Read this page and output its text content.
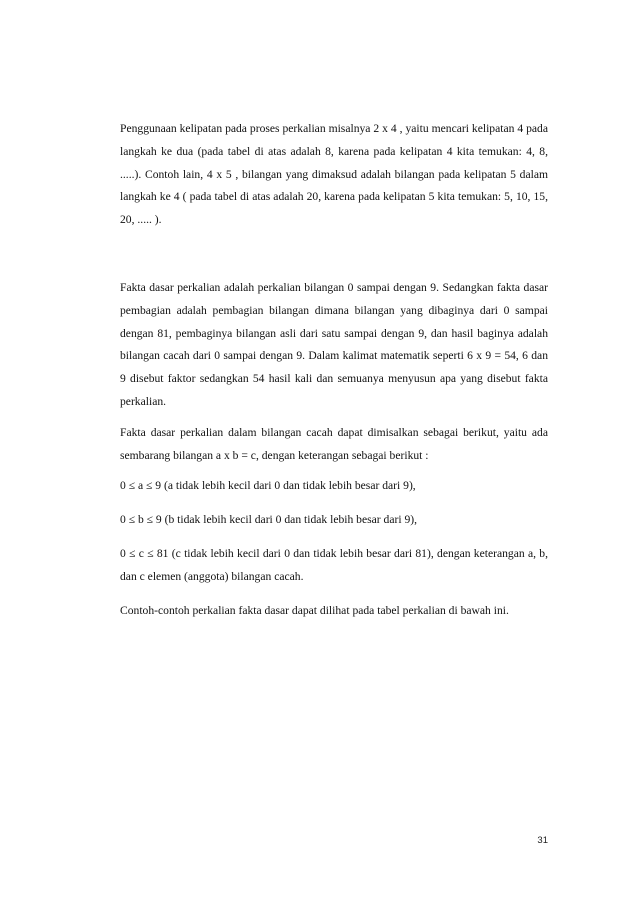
Penggunaan kelipatan pada proses perkalian misalnya 2 x 4 , yaitu mencari kelipatan 4 pada langkah ke dua (pada tabel di atas adalah 8, karena pada kelipatan 4 kita temukan: 4, 8, .....). Contoh lain, 4 x 5 , bilangan yang dimaksud adalah bilangan pada kelipatan 5 dalam langkah ke 4 ( pada tabel di atas adalah 20, karena pada kelipatan 5 kita temukan: 5, 10, 15, 20, ..... ).

Fakta dasar perkalian adalah perkalian bilangan 0 sampai dengan 9. Sedangkan fakta dasar pembagian adalah pembagian bilangan dimana bilangan yang dibaginya dari 0 sampai dengan 81, pembaginya bilangan asli dari satu sampai dengan 9, dan hasil baginya adalah bilangan cacah dari 0 sampai dengan 9. Dalam kalimat matematik seperti 6 x 9 = 54, 6 dan 9 disebut faktor sedangkan 54 hasil kali dan semuanya menyusun apa yang disebut fakta perkalian.

Fakta dasar perkalian dalam bilangan cacah dapat dimisalkan sebagai berikut, yaitu ada sembarang bilangan a x b = c, dengan keterangan sebagai berikut :

0 ≤ a ≤ 9 (a tidak lebih kecil dari 0 dan tidak lebih besar dari 9),

0 ≤ b ≤ 9 (b tidak lebih kecil dari 0 dan tidak lebih besar dari 9),

0 ≤ c ≤ 81 (c tidak lebih kecil dari 0 dan tidak lebih besar dari 81), dengan keterangan a, b, dan c elemen (anggota) bilangan cacah.

Contoh-contoh perkalian fakta dasar dapat dilihat pada tabel perkalian di bawah ini.

31
